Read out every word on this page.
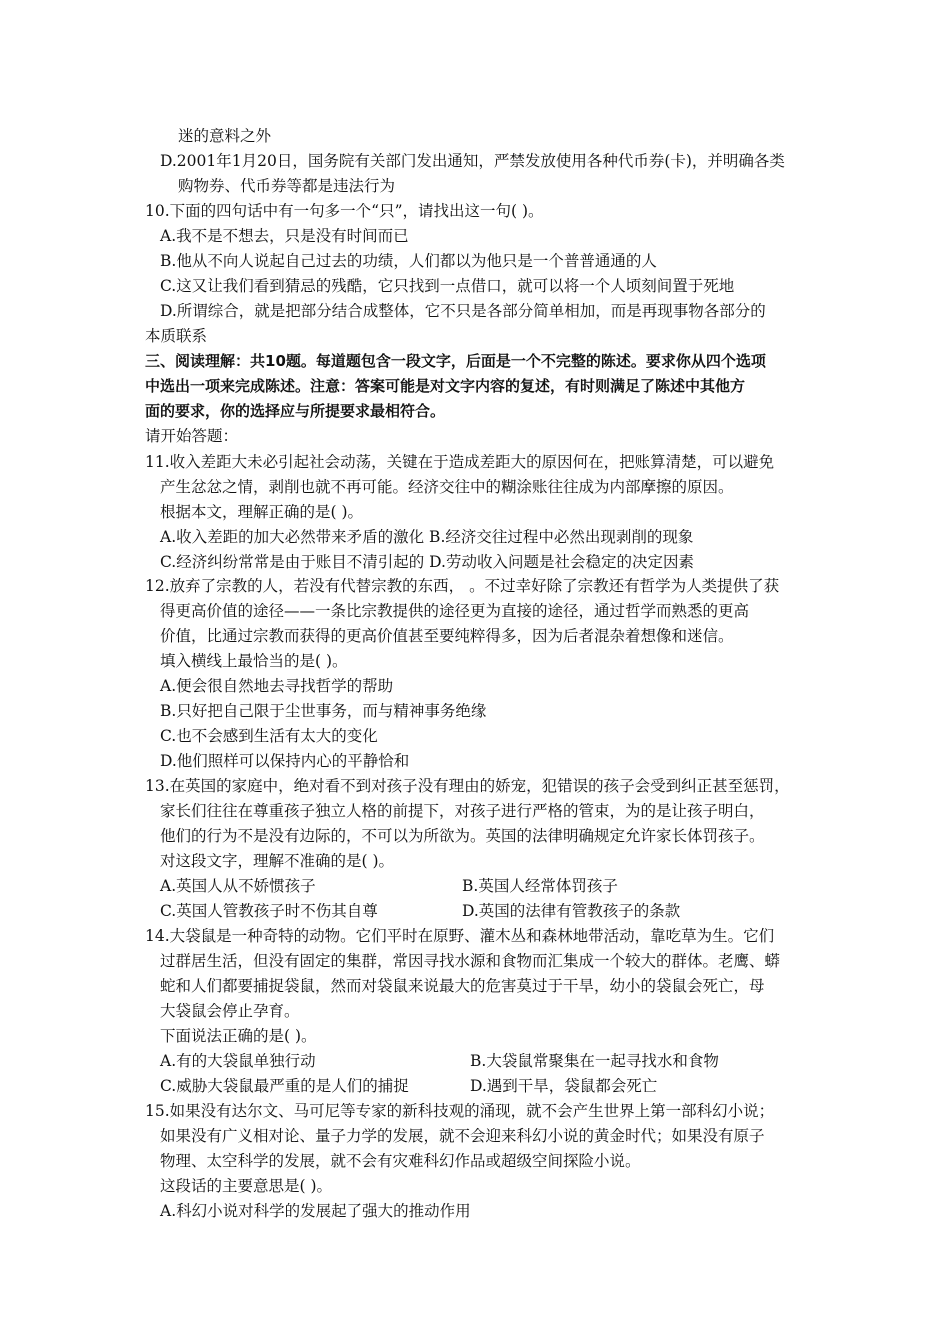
迷的意料之外
D.2001年1月20日，国务院有关部门发出通知，严禁发放使用各种代币券(卡)，并明确各类
购物券、代币券等都是违法行为
10.下面的四句话中有一句多一个“只”，请找出这一句( )。
A.我不是不想去，只是没有时间而已
B.他从不向人说起自己过去的功绩，人们都以为他只是一个普普通通的人
C.这又让我们看到猜忌的残酷，它只找到一点借口，就可以将一个人顷刻间置于死地
D.所谓综合，就是把部分结合成整体，它不只是各部分简单相加，而是再现事物各部分的
本质联系
三、阅读理解：共10题。每道题包含一段文字，后面是一个不完整的陈述。要求你从四个选项
中选出一项来完成陈述。注意：答案可能是对文字内容的复述，有时则满足了陈述中其他方
面的要求，你的选择应与所提要求最相符合。
请开始答题：
11.收入差距大未必引起社会动荡，关键在于造成差距大的原因何在，把账算清楚，可以避免
产生忿忿之情，剥削也就不再可能。经济交往中的糊涂账往往成为内部摩擦的原因。
根据本文，理解正确的是( )。
A.收入差距的加大必然带来矛盾的激化 B.经济交往过程中必然出现剥削的现象
C.经济纠纷常常是由于账目不清引起的 D.劳动收入问题是社会稳定的决定因素
12.放弃了宗教的人，若没有代替宗教的东西， 。不过幸好除了宗教还有哲学为人类提供了获
得更高价值的途径——一条比宗教提供的途径更为直接的途径，通过哲学而熟悉的更高
价值，比通过宗教而获得的更高价值甚至要纯粹得多，因为后者混杂着想像和迷信。
填入横线上最恰当的是( )。
A.便会很自然地去寻找哲学的帮助
B.只好把自己限于尘世事务，而与精神事务绝缘
C.也不会感到生活有太大的变化
D.他们照样可以保持内心的平静恰和
13.在英国的家庭中，绝对看不到对孩子没有理由的娇宠，犯错误的孩子会受到纠正甚至惩罚，
家长们往往在尊重孩子独立人格的前提下，对孩子进行严格的管束，为的是让孩子明白，
他们的行为不是没有边际的，不可以为所欲为。英国的法律明确规定允许家长体罚孩子。
对这段文字，理解不准确的是( )。
A.英国人从不娇惯孩子	B.英国人经常体罚孩子
C.英国人管教孩子时不伤其自尊	D.英国的法律有管教孩子的条款
14.大袋鼠是一种奇特的动物。它们平时在原野、灌木丛和森林地带活动，靠吃草为生。它们
过群居生活，但没有固定的集群，常因寻找水源和食物而汇集成一个较大的群体。老鹰、蟒
蛇和人们都要捕捉袋鼠，然而对袋鼠来说最大的危害莫过于干旱，幼小的袋鼠会死亡，母
大袋鼠会停止孕育。
下面说法正确的是( )。
A.有的大袋鼠单独行动	B.大袋鼠常聚集在一起寻找水和食物
C.威胁大袋鼠最严重的是人们的捕捉	D.遇到干旱，袋鼠都会死亡
15.如果没有达尔文、马可尼等专家的新科技观的涌现，就不会产生世界上第一部科幻小说；
如果没有广义相对论、量子力学的发展，就不会迎来科幻小说的黄金时代；如果没有原子
物理、太空科学的发展，就不会有灾难科幻作品或超级空间探险小说。
这段话的主要意思是( )。
A.科幻小说对科学的发展起了强大的推动作用
